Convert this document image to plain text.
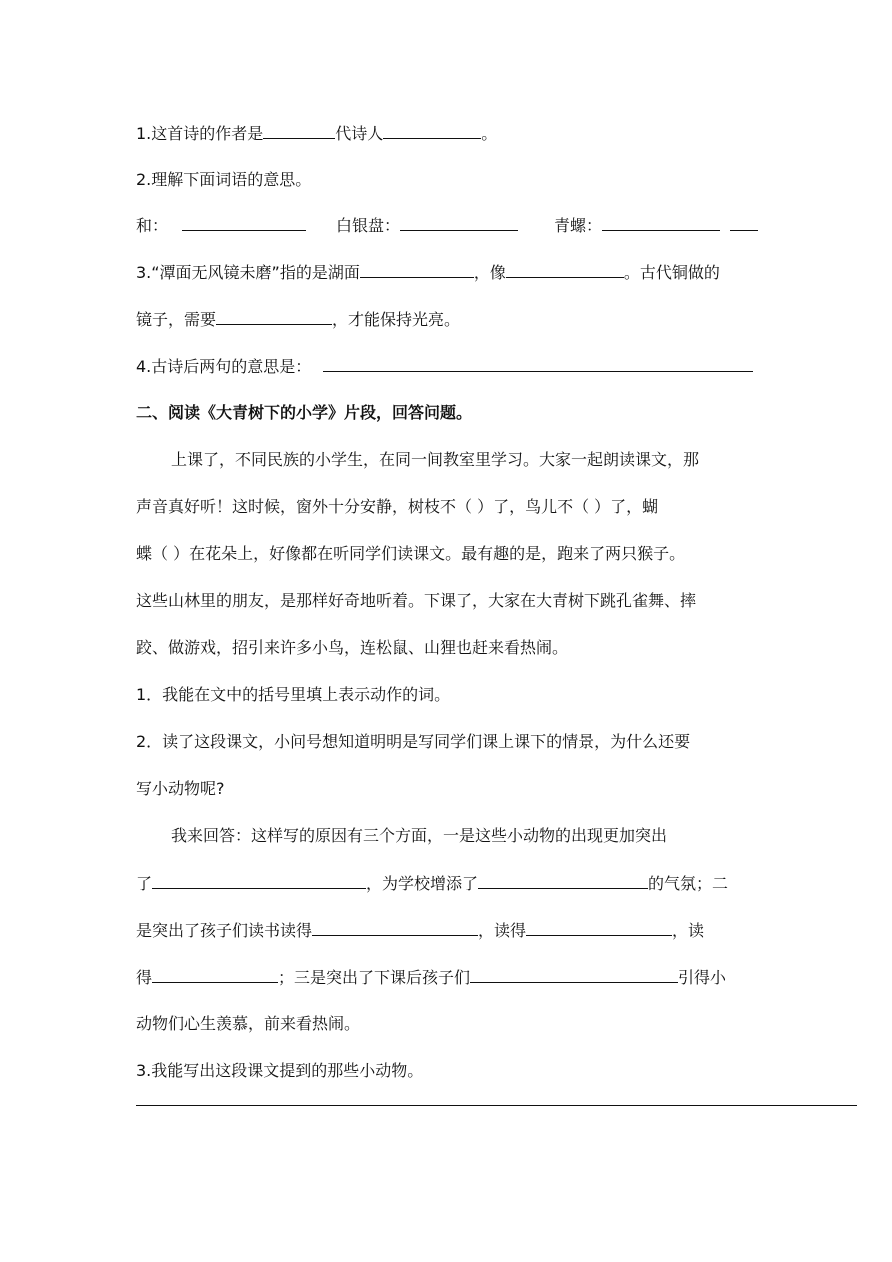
1.这首诗的作者是	代诗人	。
2.理解下面词语的意思。
和：	白银盘：	青螺：
3.“潭面无风镜未磨”指的是湖面	，像	。古代铜做的
镜子，需要	，才能保持光亮。
4.古诗后两句的意思是：
二、阅读《大青树下的小学》片段，回答问题。
上课了，不同民族的小学生，在同一间教室里学习。大家一起朗读课文，那
声音真好听！这时候，窗外十分安静，树枝不（ ）了，鸟儿不（ ）了，蝴
蝶（ ）在花朵上，好像都在听同学们读课文。最有趣的是，跑来了两只猴子。
这些山林里的朋友，是那样好奇地听着。下课了，大家在大青树下跳孔雀舞、摔
跤、做游戏，招引来许多小鸟，连松鼠、山狸也赶来看热闹。
1．我能在文中的括号里填上表示动作的词。
2．读了这段课文，小问号想知道明明是写同学们课上课下的情景，为什么还要
写小动物呢?
我来回答：这样写的原因有三个方面，一是这些小动物的出现更加突出
了	，为学校增添了	的气氛；二
是突出了孩子们读书读得	，读得	，读
得	；三是突出了下课后孩子们	引得小
动物们心生羡慕，前来看热闹。
3.我能写出这段课文提到的那些小动物。
